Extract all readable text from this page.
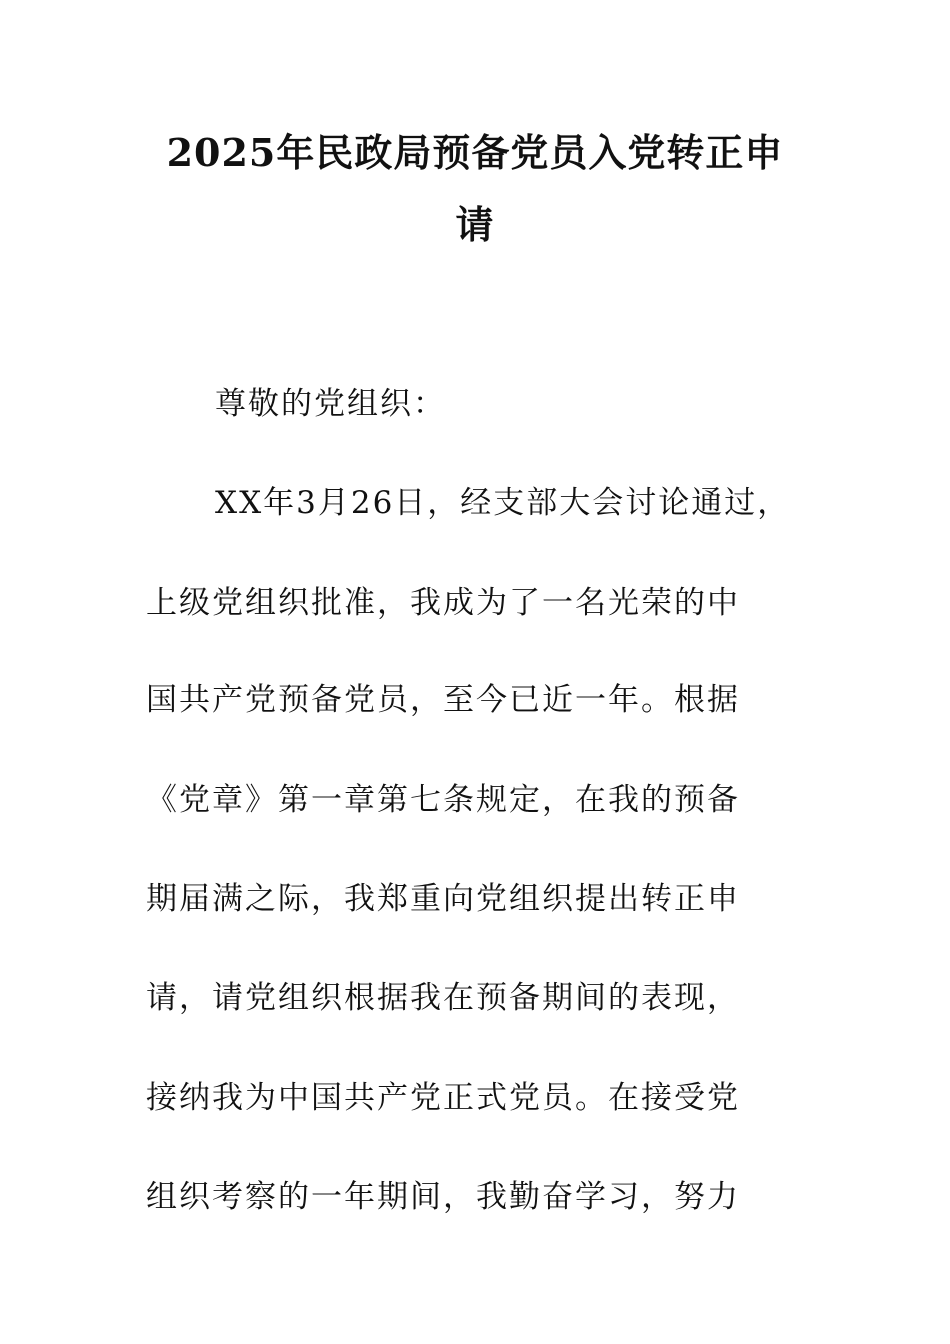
2025年民政局预备党员入党转正申
请

尊敬的党组织：

XX年3月26日，经支部大会讨论通过，

上级党组织批准，我成为了一名光荣的中

国共产党预备党员，至今已近一年。根据

《党章》第一章第七条规定，在我的预备

期届满之际，我郑重向党组织提出转正申

请，请党组织根据我在预备期间的表现，

接纳我为中国共产党正式党员。在接受党

组织考察的一年期间，我勤奋学习，努力
